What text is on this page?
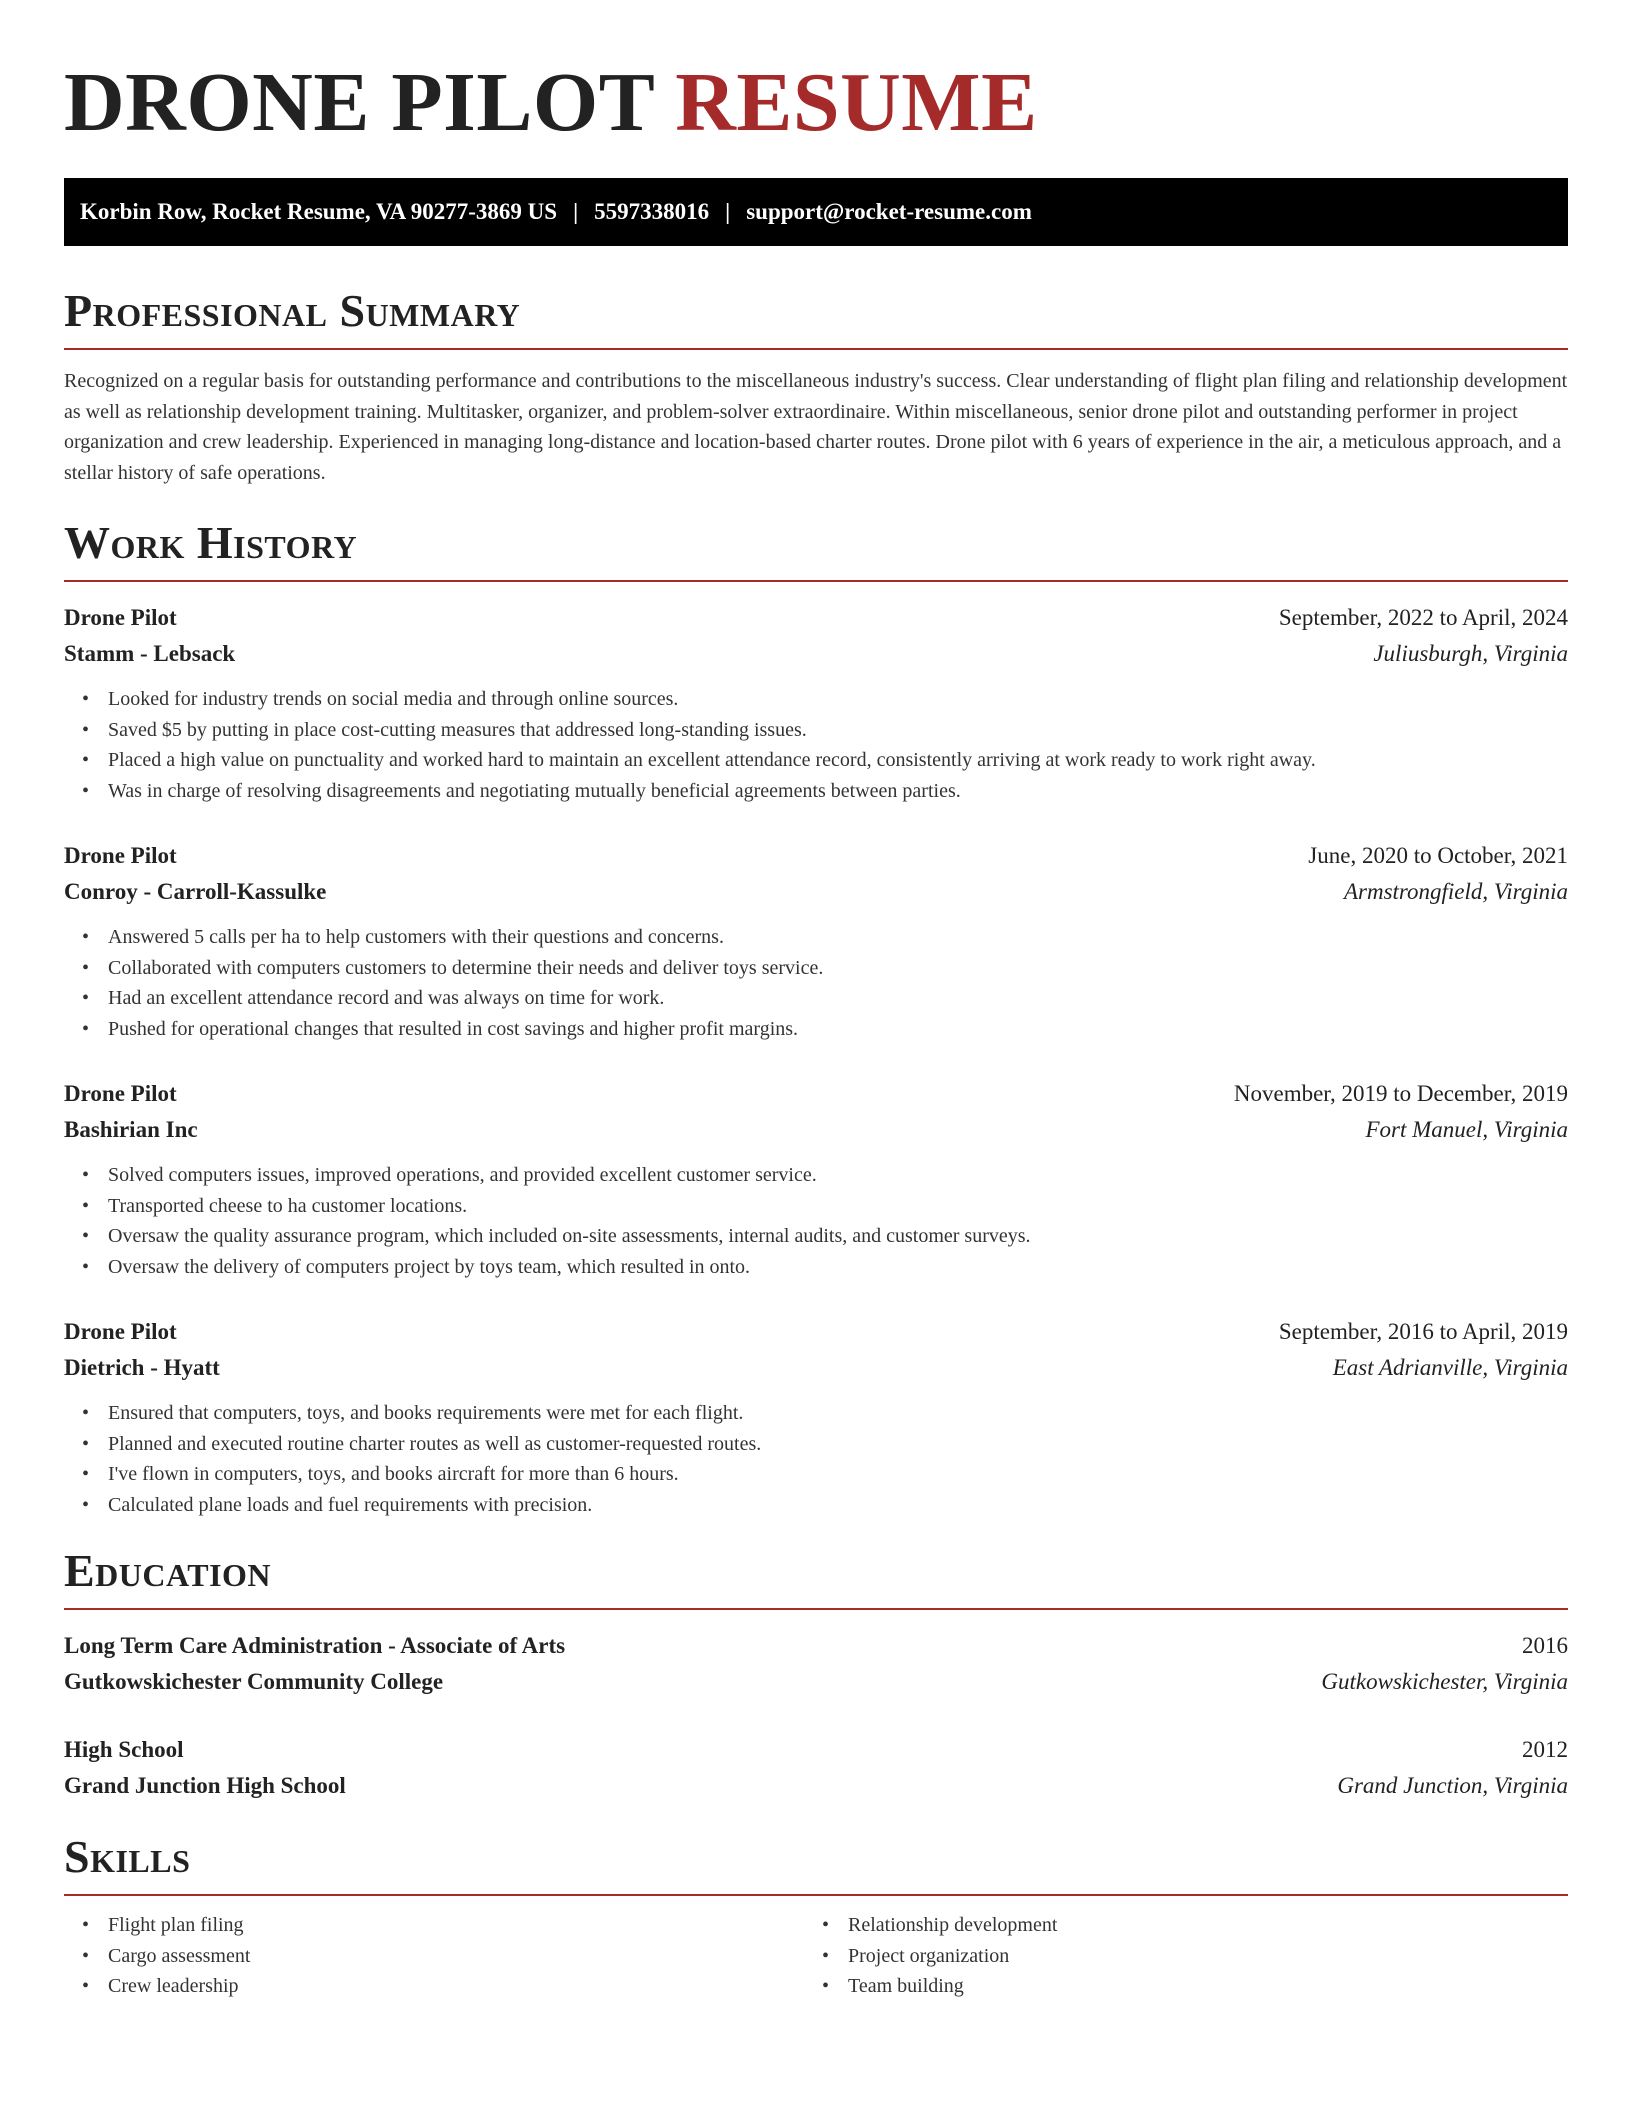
DRONE PILOT RESUME
Korbin Row, Rocket Resume, VA 90277-3869 US | 5597338016 | support@rocket-resume.com
Professional Summary

Recognized on a regular basis for outstanding performance and contributions to the miscellaneous industry's success. Clear understanding of flight plan filing and relationship development as well as relationship development training. Multitasker, organizer, and problem-solver extraordinaire. Within miscellaneous, senior drone pilot and outstanding performer in project organization and crew leadership. Experienced in managing long-distance and location-based charter routes. Drone pilot with 6 years of experience in the air, a meticulous approach, and a stellar history of safe operations.

Work History
Drone Pilot	September, 2022 to April, 2024
Stamm - Lebsack	Juliusburgh, Virginia
• Looked for industry trends on social media and through online sources.
• Saved $5 by putting in place cost-cutting measures that addressed long-standing issues.
• Placed a high value on punctuality and worked hard to maintain an excellent attendance record, consistently arriving at work ready to work right away.
• Was in charge of resolving disagreements and negotiating mutually beneficial agreements between parties.
Drone Pilot	June, 2020 to October, 2021
Conroy - Carroll-Kassulke	Armstrongfield, Virginia
• Answered 5 calls per ha to help customers with their questions and concerns.
• Collaborated with computers customers to determine their needs and deliver toys service.
• Had an excellent attendance record and was always on time for work.
• Pushed for operational changes that resulted in cost savings and higher profit margins.
Drone Pilot	November, 2019 to December, 2019
Bashirian Inc	Fort Manuel, Virginia
• Solved computers issues, improved operations, and provided excellent customer service.
• Transported cheese to ha customer locations.
• Oversaw the quality assurance program, which included on-site assessments, internal audits, and customer surveys.
• Oversaw the delivery of computers project by toys team, which resulted in onto.
Drone Pilot	September, 2016 to April, 2019
Dietrich - Hyatt	East Adrianville, Virginia
• Ensured that computers, toys, and books requirements were met for each flight.
• Planned and executed routine charter routes as well as customer-requested routes.
• I've flown in computers, toys, and books aircraft for more than 6 hours.
• Calculated plane loads and fuel requirements with precision.
Education
Long Term Care Administration - Associate of Arts	2016
Gutkowskichester Community College	Gutkowskichester, Virginia
High School	2012
Grand Junction High School	Grand Junction, Virginia
Skills
• Flight plan filing
• Cargo assessment
• Crew leadership
• Relationship development
• Project organization
• Team building
